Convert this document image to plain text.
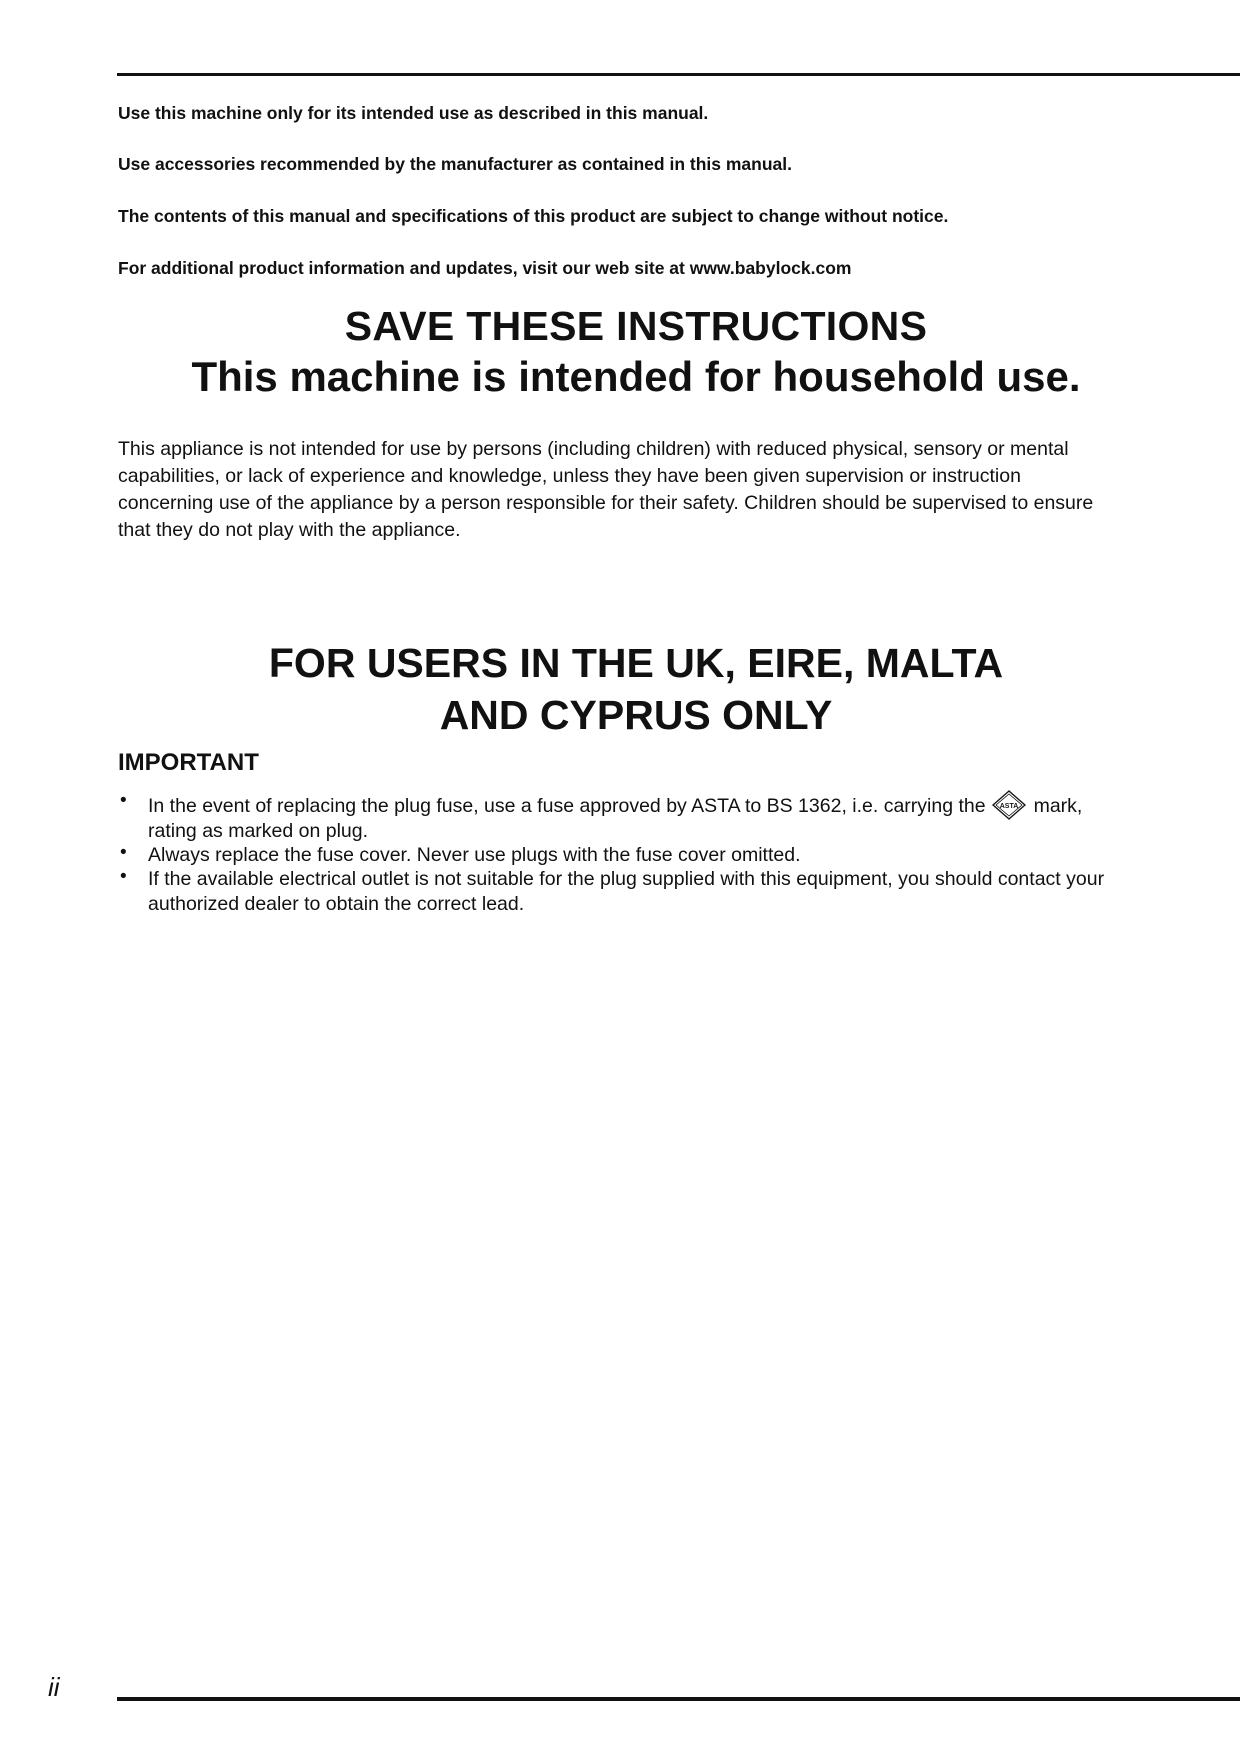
Use this machine only for its intended use as described in this manual.
Use accessories recommended by the manufacturer as contained in this manual.
The contents of this manual and specifications of this product are subject to change without notice.
For additional product information and updates, visit our web site at www.babylock.com
SAVE THESE INSTRUCTIONS
This machine is intended for household use.
This appliance is not intended for use by persons (including children) with reduced physical, sensory or mental
capabilities, or lack of experience and knowledge, unless they have been given supervision or instruction
concerning use of the appliance by a person responsible for their safety. Children should be supervised to ensure
that they do not play with the appliance.
FOR USERS IN THE UK, EIRE, MALTA
AND CYPRUS ONLY
IMPORTANT
• In the event of replacing the plug fuse, use a fuse approved by ASTA to BS 1362, i.e. carrying the ASTA mark,
rating as marked on plug.
• Always replace the fuse cover. Never use plugs with the fuse cover omitted.
• If the available electrical outlet is not suitable for the plug supplied with this equipment, you should contact your
authorized dealer to obtain the correct lead.
ii
